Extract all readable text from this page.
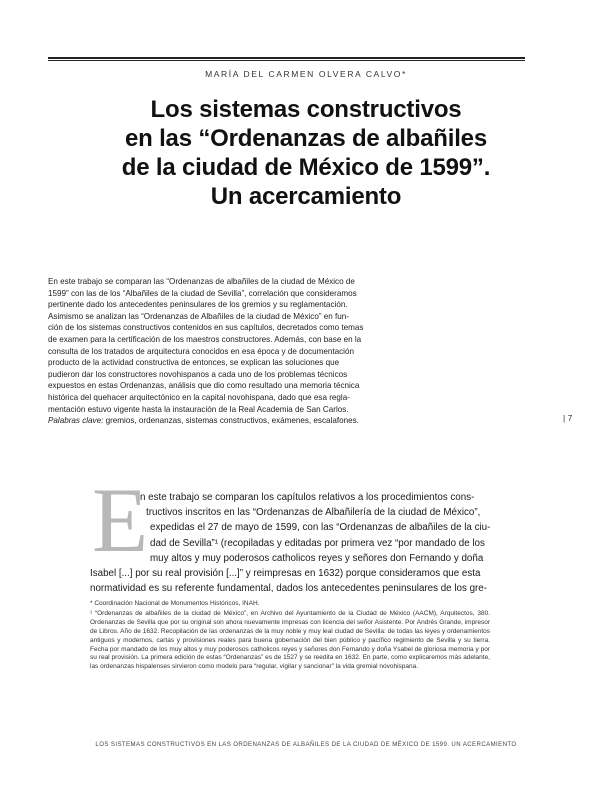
MARÍA DEL CARMEN OLVERA CALVO*
Los sistemas constructivos
en las “Ordenanzas de albañiles
de la ciudad de México de 1599”.
Un acercamiento

En este trabajo se comparan las “Ordenanzas de albañiles de la ciudad de México de

1599” con las de los “Albañiles de la ciudad de Sevilla”, correlación que consideramos

pertinente dado los antecedentes peninsulares de los gremios y su reglamentación.

Asimismo se analizan las “Ordenanzas de Albañiles de la ciudad de México” en fun-

ción de los sistemas constructivos contenidos en sus capítulos, decretados como temas

de examen para la certificación de los maestros constructores. Además, con base en la

consulta de los tratados de arquitectura conocidos en esa época y de documentación

producto de la actividad constructiva de entonces, se explican las soluciones que

pudieron dar los constructores novohispanos a cada uno de los problemas técnicos

expuestos en estas Ordenanzas, análisis que dio como resultado una memoria técnica

histórica del quehacer arquitectónico en la capital novohispana, dado que esa regla-

mentación estuvo vigente hasta la instauración de la Real Academia de San Carlos.

Palabras clave: gremios, ordenanzas, sistemas constructivos, exámenes, escalafones.	| 7
E
n este trabajo se comparan los capítulos relativos a los procedimientos cons-
tructivos inscritos en las “Ordenanzas de Albañilería de la ciudad de México”,
expedidas el 27 de mayo de 1599, con las “Ordenanzas de albañiles de la ciu-
dad de Sevilla”¹ (recopiladas y editadas por primera vez “por mandado de los
muy altos y muy poderosos catholicos reyes y señores don Fernando y doña
Isabel [...] por su real provisión [...]” y reimpresas en 1632) porque consideramos que esta
normatividad es su referente fundamental, dados los antecedentes peninsulares de los gre-

* Coordinación Nacional de Monumentos Históricos, INAH.

¹ “Ordenanzas de albañiles de la ciudad de México”, en Archivo del Ayuntamiento de la Ciudad de México (AACM), Arquitectos, 380. Ordenanzas de Sevilla que por su original son ahora nuevamente impresas con licencia del señor Asistente. Por Andrés Grande, impresor de Libros. Año de 1632. Recopilación de las ordenanzas de la muy noble y muy leal ciudad de Sevilla: de todas las leyes y ordenamientos antiguos y modernos, cartas y provisiones reales para buena gobernación del bien público y pacífico regimiento de Sevilla y su tierra. Fecha por mandado de los muy altos y muy poderosos catholicos reyes y señores don Fernando y doña Ysabel de gloriosa memoria y por su real provisión. La primera edición de estas “Ordenanzas” es de 1527 y se reedita en 1632. En parte, como explicaremos más adelante, las ordenanzas hispalenses sirvieron como modelo para “regular, vigilar y sancionar” la vida gremial novohispana.

LOS SISTEMAS CONSTRUCTIVOS EN LAS ORDENANZAS DE ALBAÑILES DE LA CIUDAD DE MÉXICO DE 1599. UN ACERCAMIENTO
